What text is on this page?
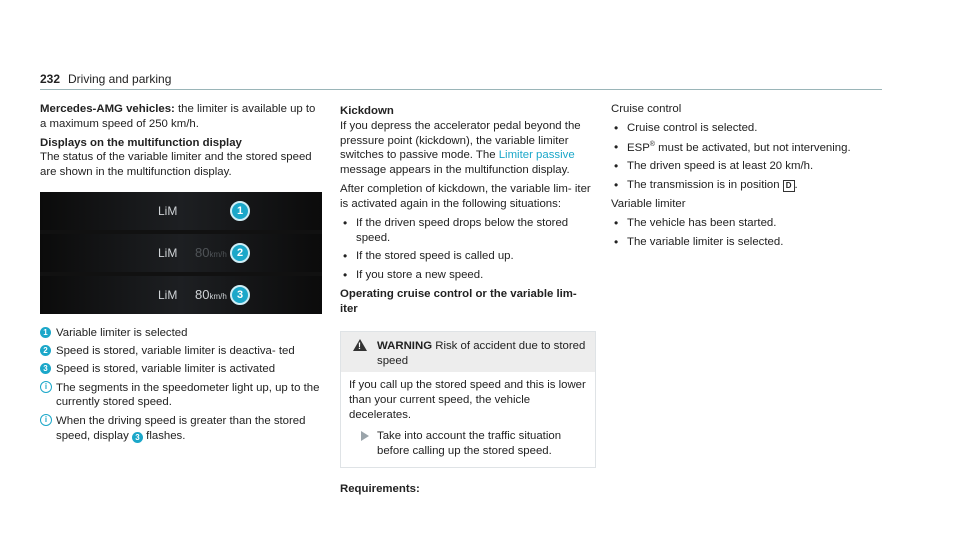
232 Driving and parking
Mercedes-AMG vehicles: the limiter is available up to a maximum speed of 250 km/h.
Displays on the multifunction display
The status of the variable limiter and the stored speed are shown in the multifunction display.
LiM	1
LiM 80km/h 2
LiM 80km/h 3
1 Variable limiter is selected
2 Speed is stored, variable limiter is deactiva- ted
3 Speed is stored, variable limiter is activated
i The segments in the speedometer light up, up to the currently stored speed.
i When the driving speed is greater than the stored speed, display 3 flashes.
Kickdown
If you depress the accelerator pedal beyond the pressure point (kickdown), the variable limiter switches to passive mode. The Limiter passive message appears in the multifunction display.
After completion of kickdown, the variable lim- iter is activated again in the following situations:
• If the driven speed drops below the stored speed.
• If the stored speed is called up.
• If you store a new speed.
Operating cruise control or the variable lim- iter
! WARNING Risk of accident due to stored speed
If you call up the stored speed and this is lower than your current speed, the vehicle decelerates.
Take into account the traffic situation before calling up the stored speed.
Requirements:
Cruise control
• Cruise control is selected.
• ESP® must be activated, but not intervening.
• The driven speed is at least 20 km/h.
• The transmission is in position D .
Variable limiter
• The vehicle has been started.
• The variable limiter is selected.
